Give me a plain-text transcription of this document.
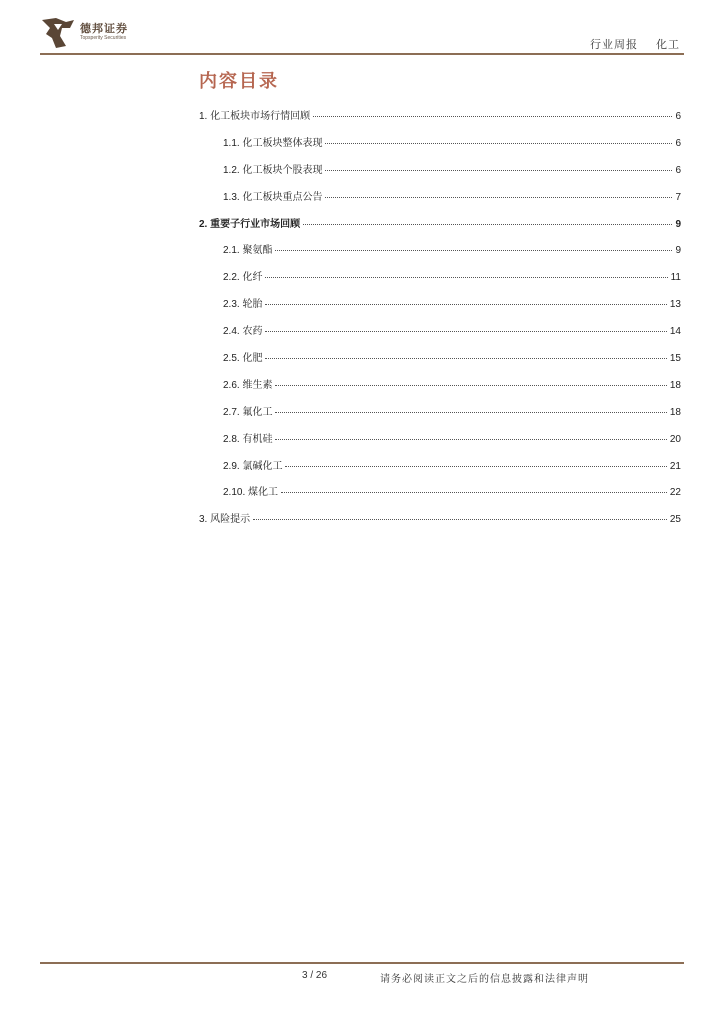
德邦证券
Topsperity Securities
行业周报 化工
内容目录
1. 化工板块市场行情回顾	6
1.1. 化工板块整体表现	6
1.2. 化工板块个股表现	6
1.3. 化工板块重点公告	7
2. 重要子行业市场回顾	9
2.1. 聚氨酯	9
2.2. 化纤	11
2.3. 轮胎	13
2.4. 农药	14
2.5. 化肥	15
2.6. 维生素	18
2.7. 氟化工	18
2.8. 有机硅	20
2.9. 氯碱化工	21
2.10. 煤化工	22
3. 风险提示	25
3 / 26	请务必阅读正文之后的信息披露和法律声明
